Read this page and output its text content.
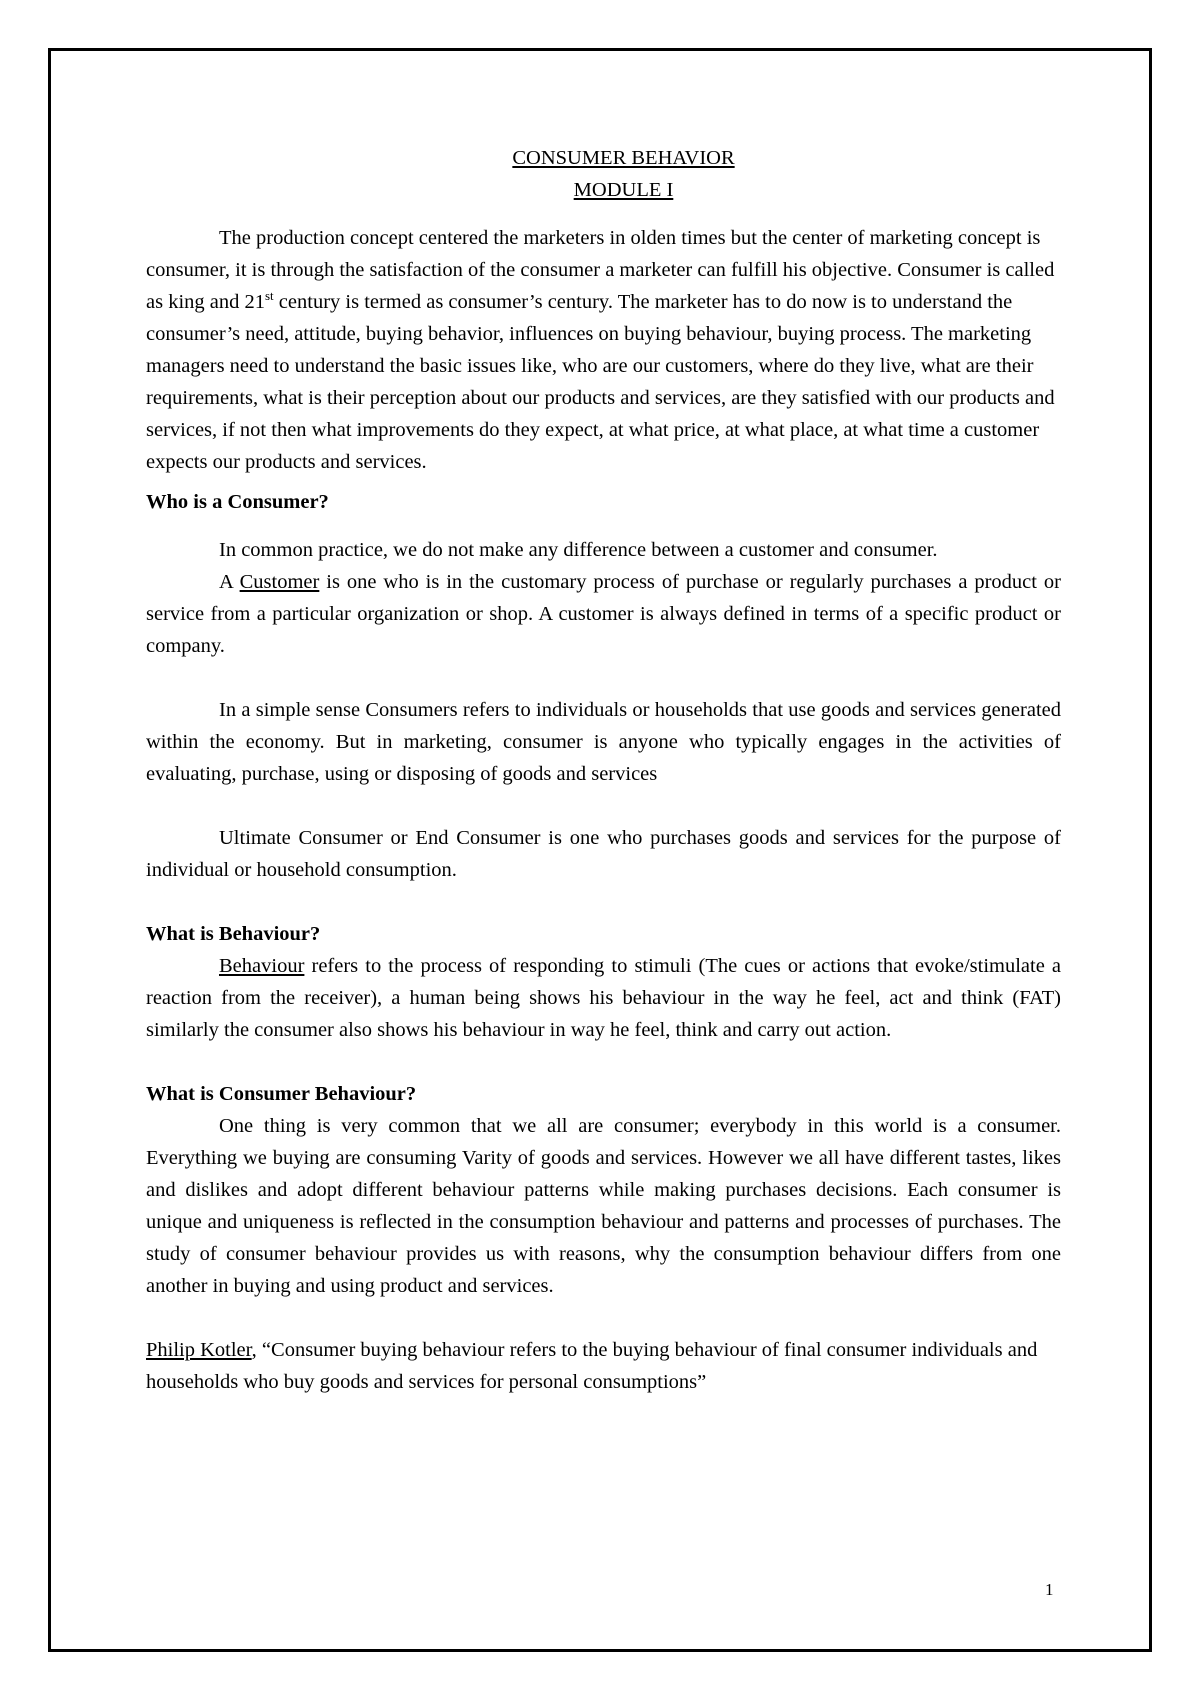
CONSUMER BEHAVIOR
MODULE I

The production concept centered the marketers in olden times but the center of marketing concept is consumer, it is through the satisfaction of the consumer a marketer can fulfill his objective. Consumer is called as king and 21st century is termed as consumer’s century. The marketer has to do now is to understand the consumer’s need, attitude, buying behavior, influences on buying behaviour, buying process. The marketing managers need to understand the basic issues like, who are our customers, where do they live, what are their requirements, what is their perception about our products and services, are they satisfied with our products and services, if not then what improvements do they expect, at what price, at what place, at what time a customer expects our products and services.

Who is a Consumer?

In common practice, we do not make any difference between a customer and consumer.

A Customer is one who is in the customary process of purchase or regularly purchases a product or service from a particular organization or shop. A customer is always defined in terms of a specific product or company.

In a simple sense Consumers refers to individuals or households that use goods and services generated within the economy. But in marketing, consumer is anyone who typically engages in the activities of evaluating, purchase, using or disposing of goods and services

Ultimate Consumer or End Consumer is one who purchases goods and services for the purpose of individual or household consumption.

What is Behaviour?

Behaviour refers to the process of responding to stimuli (The cues or actions that evoke/stimulate a reaction from the receiver), a human being shows his behaviour in the way he feel, act and think (FAT) similarly the consumer also shows his behaviour in way he feel, think and carry out action.

What is Consumer Behaviour?

One thing is very common that we all are consumer; everybody in this world is a consumer. Everything we buying are consuming Varity of goods and services. However we all have different tastes, likes and dislikes and adopt different behaviour patterns while making purchases decisions. Each consumer is unique and uniqueness is reflected in the consumption behaviour and patterns and processes of purchases. The study of consumer behaviour provides us with reasons, why the consumption behaviour differs from one another in buying and using product and services.

Philip Kotler, “Consumer buying behaviour refers to the buying behaviour of final consumer individuals and households who buy goods and services for personal consumptions”

1
